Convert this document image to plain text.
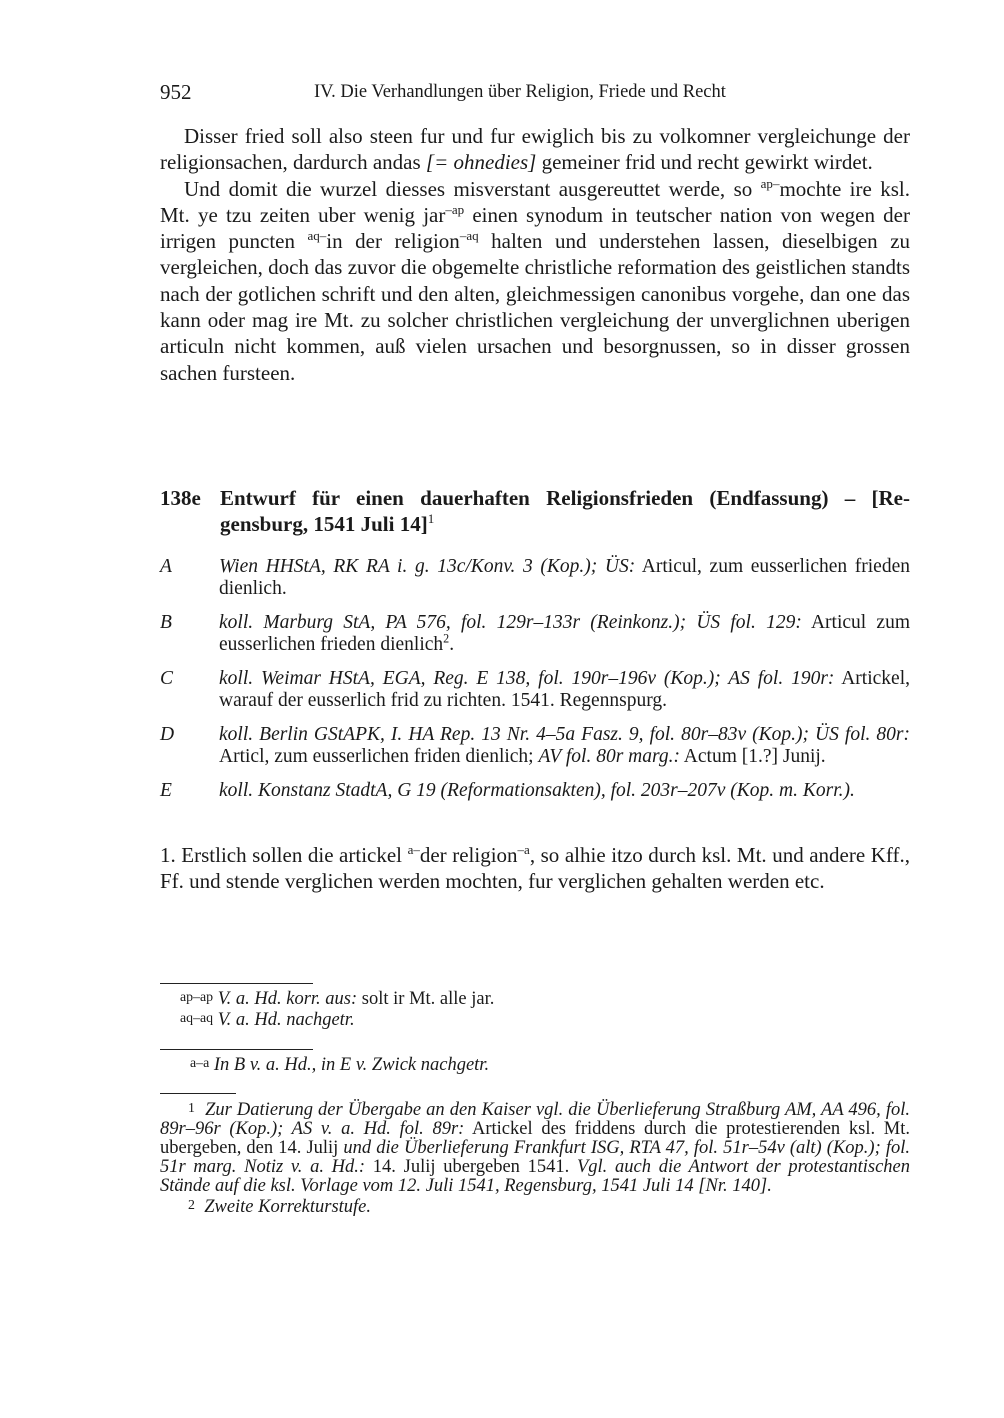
952	IV. Die Verhandlungen über Religion, Friede und Recht

Disser fried soll also steen fur und fur ewiglich bis zu volkomner vergleichunge der religionsachen, dardurch andas [= ohnedies] gemeiner frid und recht gewirkt wirdet.

Und domit die wurzel diesses misverstant ausgereuttet werde, so $^{ap-}$mochte ire ksl. Mt. ye tzu zeiten uber wenig jar$^{-ap}$ einen synodum in teutscher nation von wegen der irrigen puncten $^{aq-}$in der religion$^{-aq}$ halten und understehen lassen, dieselbigen zu vergleichen, doch das zuvor die obgemelte christliche reformation des geistlichen standts nach der gotlichen schrift und den alten, gleichmessigen canonibus vorgehe, dan one das kann oder mag ire Mt. zu solcher christlichen vergleichung der unverglichnen uberigen articuln nicht kommen, auß vielen ursachen und besorgnussen, so in disser grossen sachen fursteen.

138e Entwurf für einen dauerhaften Religionsfrieden (Endfassung) – [Regensburg, 1541 Juli 14]$^1$
A Wien HHStA, RK RA i. g. 13c/Konv. 3 (Kop.); ÜS: Articul, zum eusserlichen frieden dienlich.
B koll. Marburg StA, PA 576, fol. 129r–133r (Reinkonz.); ÜS fol. 129: Articul zum eusserlichen frieden dienlich$^2$.
C koll. Weimar HStA, EGA, Reg. E 138, fol. 190r–196v (Kop.); AS fol. 190r: Artickel, warauf der eusserlich frid zu richten. 1541. Regennspurg.
D koll. Berlin GStAPK, I. HA Rep. 13 Nr. 4–5a Fasz. 9, fol. 80r–83v (Kop.); ÜS fol. 80r: Articl, zum eusserlichen friden dienlich; AV fol. 80r marg.: Actum [1.?] Junij.
E koll. Konstanz StadtA, G 19 (Reformationsakten), fol. 203r–207v (Kop. m. Korr.).

1. Erstlich sollen die artickel $^{a-}$der religion$^{-a}$, so alhie itzo durch ksl. Mt. und andere Kff., Ff. und stende verglichen werden mochten, fur verglichen gehalten werden etc.

ap–ap V. a. Hd. korr. aus: solt ir Mt. alle jar.

aq–aq V. a. Hd. nachgetr.

a–a In B v. a. Hd., in E v. Zwick nachgetr.

1 Zur Datierung der Übergabe an den Kaiser vgl. die Überlieferung Straßburg AM, AA 496, fol. 89r–96r (Kop.); AS v. a. Hd. fol. 89r: Artickel des friddens durch die protestierenden ksl. Mt. ubergeben, den 14. Julij und die Überlieferung Frankfurt ISG, RTA 47, fol. 51r–54v (alt) (Kop.); fol. 51r marg. Notiz v. a. Hd.: 14. Julij ubergeben 1541. Vgl. auch die Antwort der protestantischen Stände auf die ksl. Vorlage vom 12. Juli 1541, Regensburg, 1541 Juli 14 [Nr. 140].

2 Zweite Korrekturstufe.
